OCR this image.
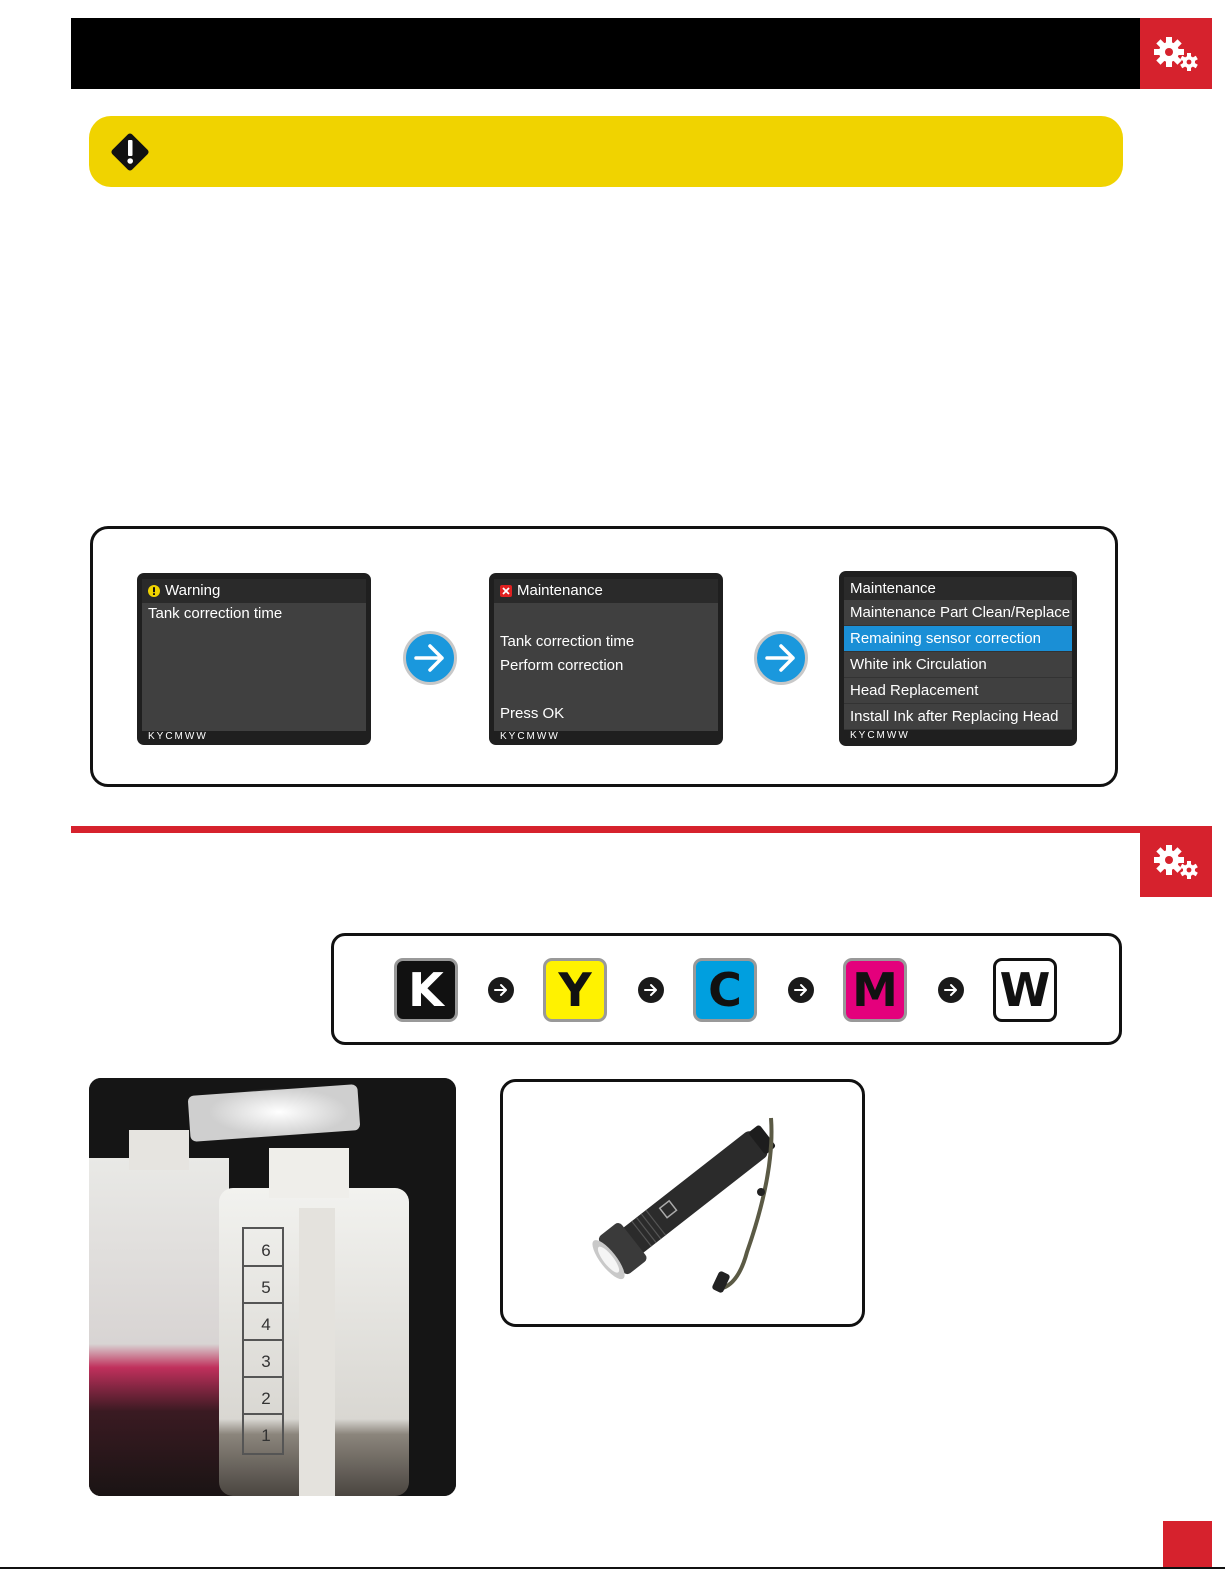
Warning
Tank correction time
KYCMWW
Maintenance
Tank correction time
Perform correction
Press OK
KYCMWW
Maintenance
Maintenance Part Clean/Replace
Remaining sensor correction
White ink Circulation
Head Replacement
Install Ink after Replacing Head
KYCMWW
K Y	C M W
6
5
4
3
2
1
